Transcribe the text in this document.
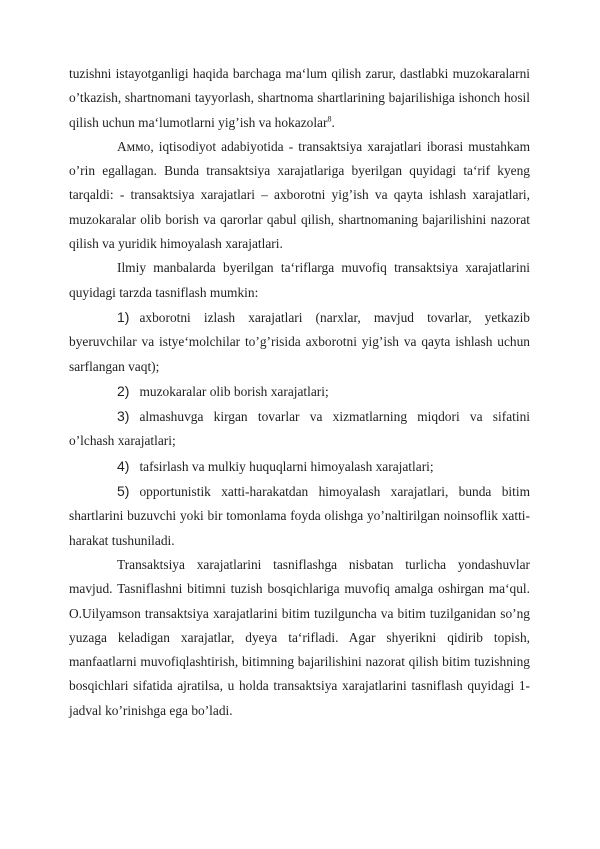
tuzishni istayotganligi haqida barchaga ma‘lum qilish zarur, dastlabki muzokaralarni o’tkazish, shartnomani tayyorlash, shartnoma shartlarining bajarilishiga ishonch hosil qilish uchun ma‘lumotlarni yig’ish va hokazolar$^8$.

Аммо, iqtisodiyot adabiyotida - transaktsiya xarajatlari iborasi mustahkam o’rin egallagan. Bunda transaktsiya xarajatlariga byerilgan quyidagi ta‘rif kyeng tarqaldi: - transaktsiya xarajatlari – axborotni yig’ish va qayta ishlash xarajatlari, muzokaralar olib borish va qarorlar qabul qilish, shartnomaning bajarilishini nazorat qilish va yuridik himoyalash xarajatlari.

Ilmiy manbalarda byerilgan ta‘riflarga muvofiq transaktsiya xarajatlarini quyidagi tarzda tasniflash mumkin:

1) axborotni izlash xarajatlari (narxlar, mavjud tovarlar, yetkazib byeruvchilar va istye‘molchilar to’g’risida axborotni yig’ish va qayta ishlash uchun sarflangan vaqt);

2) muzokaralar olib borish xarajatlari;

3) almashuvga kirgan tovarlar va xizmatlarning miqdori va sifatini o’lchash xarajatlari;

4) tafsirlash va mulkiy huquqlarni himoyalash xarajatlari;

5) opportunistik xatti-harakatdan himoyalash xarajatlari, bunda bitim shartlarini buzuvchi yoki bir tomonlama foyda olishga yo’naltirilgan noinsoflik xatti-harakat tushuniladi.

Transaktsiya xarajatlarini tasniflashga nisbatan turlicha yondashuvlar mavjud. Tasniflashni bitimni tuzish bosqichlariga muvofiq amalga oshirgan ma‘qul. O.Uilyamson transaktsiya xarajatlarini bitim tuzilguncha va bitim tuzilganidan so’ng yuzaga keladigan xarajatlar, dyeya ta‘rifladi. Agar shyerikni qidirib topish, manfaatlarni muvofiqlashtirish, bitimning bajarilishini nazorat qilish bitim tuzishning bosqichlari sifatida ajratilsa, u holda transaktsiya xarajatlarini tasniflash quyidagi 1-jadval ko’rinishga ega bo’ladi.
